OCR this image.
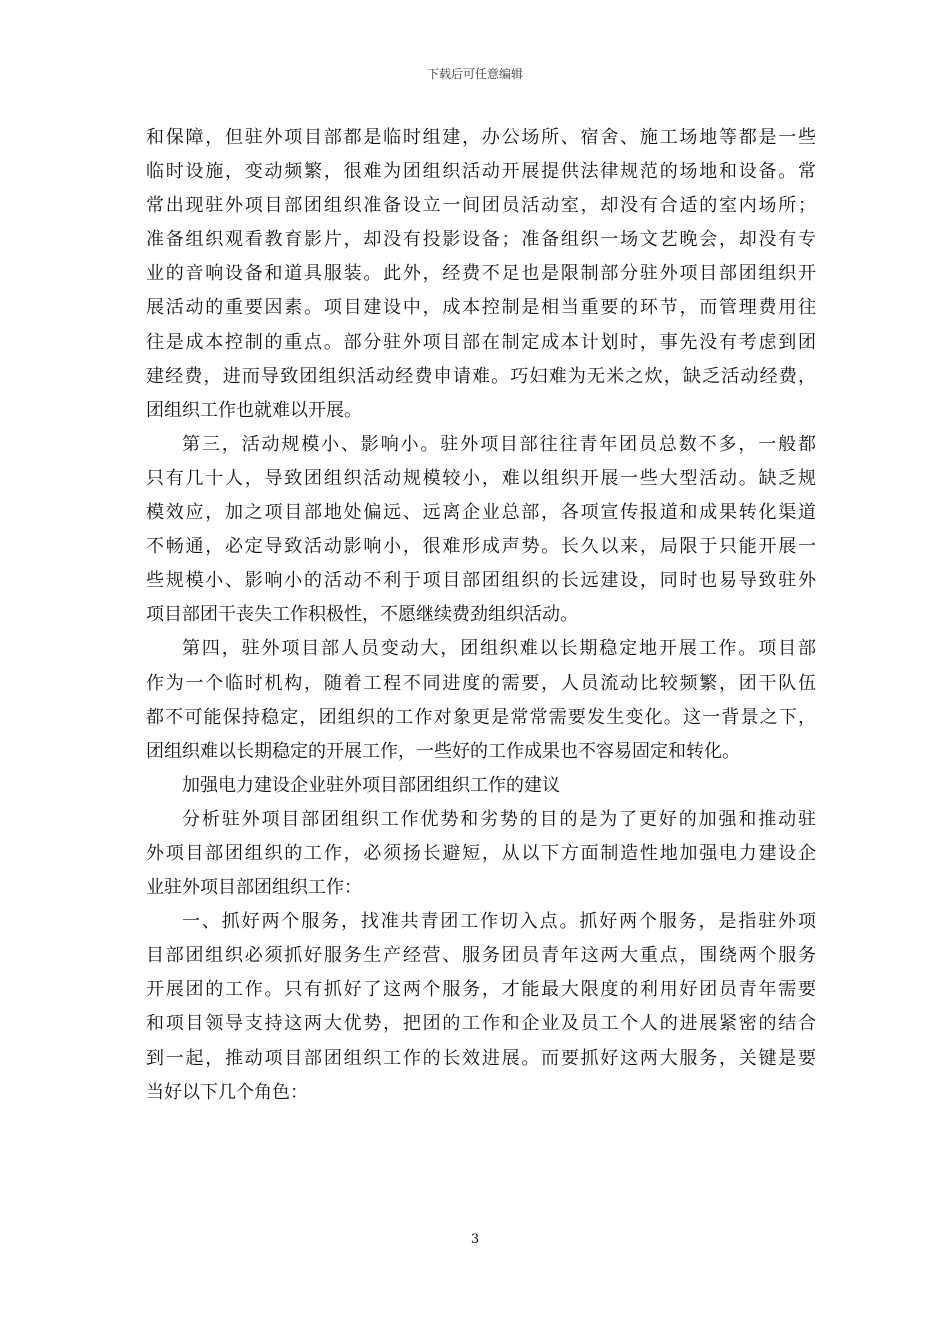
下载后可任意编辑
和保障，但驻外项目部都是临时组建，办公场所、宿舍、施工场地等都是一些
临时设施，变动频繁，很难为团组织活动开展提供法律规范的场地和设备。常
常出现驻外项目部团组织准备设立一间团员活动室，却没有合适的室内场所；
准备组织观看教育影片，却没有投影设备；准备组织一场文艺晚会，却没有专
业的音响设备和道具服装。此外，经费不足也是限制部分驻外项目部团组织开
展活动的重要因素。项目建设中，成本控制是相当重要的环节，而管理费用往
往是成本控制的重点。部分驻外项目部在制定成本计划时，事先没有考虑到团
建经费，进而导致团组织活动经费申请难。巧妇难为无米之炊，缺乏活动经费，
团组织工作也就难以开展。
第三，活动规模小、影响小。驻外项目部往往青年团员总数不多，一般都
只有几十人，导致团组织活动规模较小，难以组织开展一些大型活动。缺乏规
模效应，加之项目部地处偏远、远离企业总部，各项宣传报道和成果转化渠道
不畅通，必定导致活动影响小，很难形成声势。长久以来，局限于只能开展一
些规模小、影响小的活动不利于项目部团组织的长远建设，同时也易导致驻外
项目部团干丧失工作积极性，不愿继续费劲组织活动。
第四，驻外项目部人员变动大，团组织难以长期稳定地开展工作。项目部
作为一个临时机构，随着工程不同进度的需要，人员流动比较频繁，团干队伍
都不可能保持稳定，团组织的工作对象更是常常需要发生变化。这一背景之下，
团组织难以长期稳定的开展工作，一些好的工作成果也不容易固定和转化。
加强电力建设企业驻外项目部团组织工作的建议
分析驻外项目部团组织工作优势和劣势的目的是为了更好的加强和推动驻
外项目部团组织的工作，必须扬长避短，从以下方面制造性地加强电力建设企
业驻外项目部团组织工作：
一、抓好两个服务，找准共青团工作切入点。抓好两个服务，是指驻外项
目部团组织必须抓好服务生产经营、服务团员青年这两大重点，围绕两个服务
开展团的工作。只有抓好了这两个服务，才能最大限度的利用好团员青年需要
和项目领导支持这两大优势，把团的工作和企业及员工个人的进展紧密的结合
到一起，推动项目部团组织工作的长效进展。而要抓好这两大服务，关键是要
当好以下几个角色：
3
